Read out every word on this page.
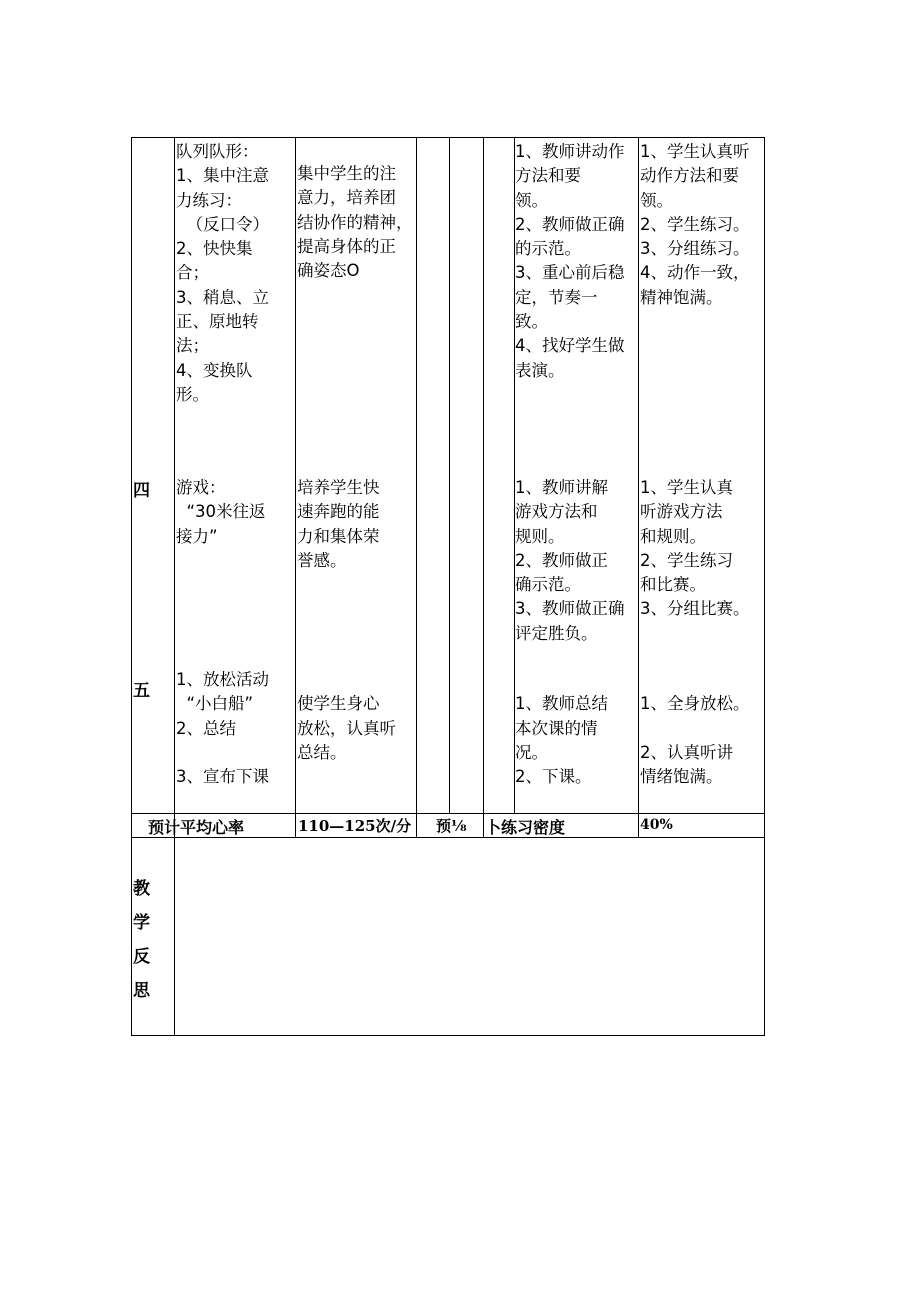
队列队形：
1、集中注意
力练习：
（反口令）
2、快快集
合；
3、稍息、立
正、原地转
法；
4、变换队
形。
集中学生的注
意力，培养团
结协作的精神，
提高身体的正
确姿态O
1、教师讲动作
方法和要
领。
2、教师做正确
的示范。
3、重心前后稳
定，节奏一
致。
4、找好学生做
表演。
1、学生认真听
动作方法和要
领。
2、学生练习。
3、分组练习。
4、动作一致，
精神饱满。
四 游戏：
“30米往返
接力”
培养学生快
速奔跑的能
力和集体荣
誉感。
1、教师讲解
游戏方法和
规则。
2、教师做正
确示范。
3、教师做正确
评定胜负。
1、学生认真
听游戏方法
和规则。
2、学生练习
和比赛。
3、分组比赛。
五
1、放松活动
“小白船”
2、总结
3、宣布下课
使学生身心
放松，认真听
总结。
1、教师总结
本次课的情
况。
2、下课。
1、全身放松。
2、认真听讲
情绪饱满。
预计平均心率	110—125次/分 预⅛ 卜练习密度	40%
教
学
反
思
